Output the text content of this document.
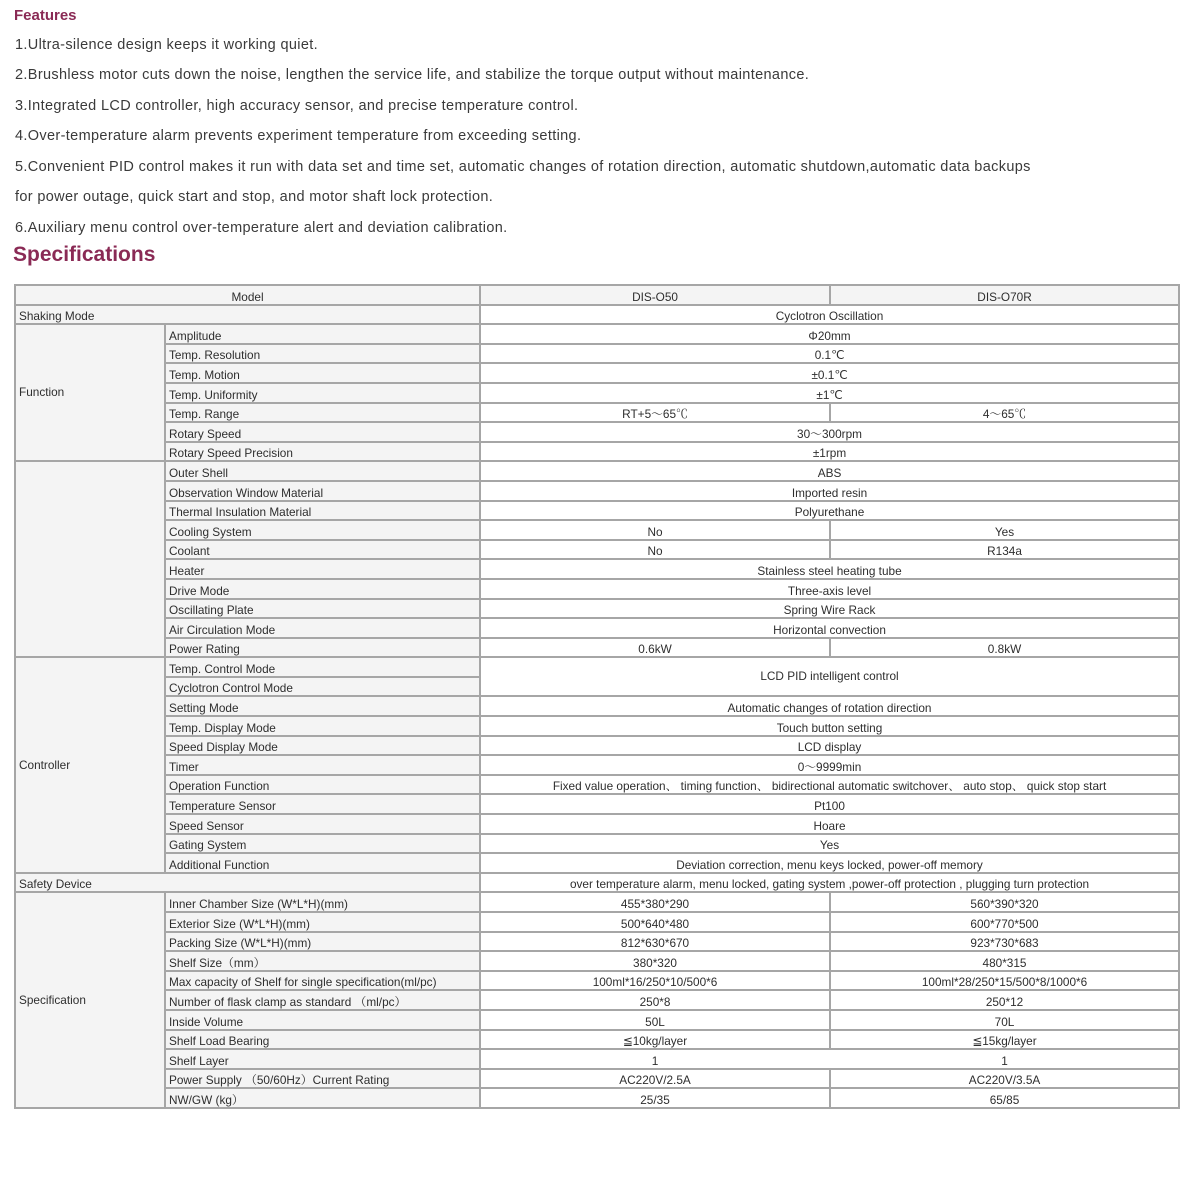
Features
1.Ultra-silence design keeps it working quiet.
2.Brushless motor cuts down the noise, lengthen the service life, and stabilize the torque output without maintenance.
3.Integrated LCD controller, high accuracy sensor, and precise temperature control.
4.Over-temperature alarm prevents experiment temperature from exceeding setting.
5.Convenient PID control makes it run with data set and time set, automatic changes of rotation direction, automatic shutdown,automatic data backups
for power outage, quick start and stop, and motor shaft lock protection.
6.Auxiliary menu control over-temperature alert and deviation calibration.
Specifications
Model		DIS-O50	DIS-O70R
Shaking Mode		Cyclotron Oscillation	
Function	Amplitude	Φ20mm	
	Temp. Resolution	0.1℃	
	Temp. Motion	±0.1℃	
	Temp. Uniformity	±1℃	
	Temp. Range	RT+5～65℃	4～65℃
	Rotary Speed	30～300rpm	
	Rotary Speed Precision	±1rpm	
	Outer Shell	ABS	
	Observation Window Material	Imported resin	
	Thermal Insulation Material	Polyurethane	
	Cooling System	No	Yes
	Coolant	No	R134a
	Heater	Stainless steel heating tube	
	Drive Mode	Three-axis level	
	Oscillating Plate	Spring Wire Rack	
	Air Circulation Mode	Horizontal convection	
	Power Rating	0.6kW	0.8kW
Controller	Temp. Control Mode	LCD PID intelligent control	
	Cyclotron Control Mode		
	Setting Mode	Automatic changes of rotation direction	
	Temp. Display Mode	Touch button setting	
	Speed Display Mode	LCD display	
	Timer	0～9999min	
	Operation Function	Fixed value operation、 timing function、 bidirectional automatic switchover、 auto stop、 quick stop start	
	Temperature Sensor	Pt100	
	Speed Sensor	Hoare	
	Gating System	Yes	
	Additional Function	Deviation correction, menu keys locked, power-off memory	
Safety Device		over temperature alarm, menu locked, gating system ,power-off protection , plugging turn protection	
Specification	Inner Chamber Size (W*L*H)(mm)	455*380*290	560*390*320
	Exterior Size (W*L*H)(mm)	500*640*480	600*770*500
	Packing Size (W*L*H)(mm)	812*630*670	923*730*683
	Shelf Size（mm）	380*320	480*315
	Max capacity of Shelf for single specification(ml/pc)	100ml*16/250*10/500*6	100ml*28/250*15/500*8/1000*6
	Number of flask clamp as standard （ml/pc）	250*8	250*12
	Inside Volume	50L	70L
	Shelf Load Bearing	≦10kg/layer	≦15kg/layer
	Shelf Layer	1	1
	Power Supply （50/60Hz）Current Rating	AC220V/2.5A	AC220V/3.5A
	NW/GW (kg）	25/35	65/85
